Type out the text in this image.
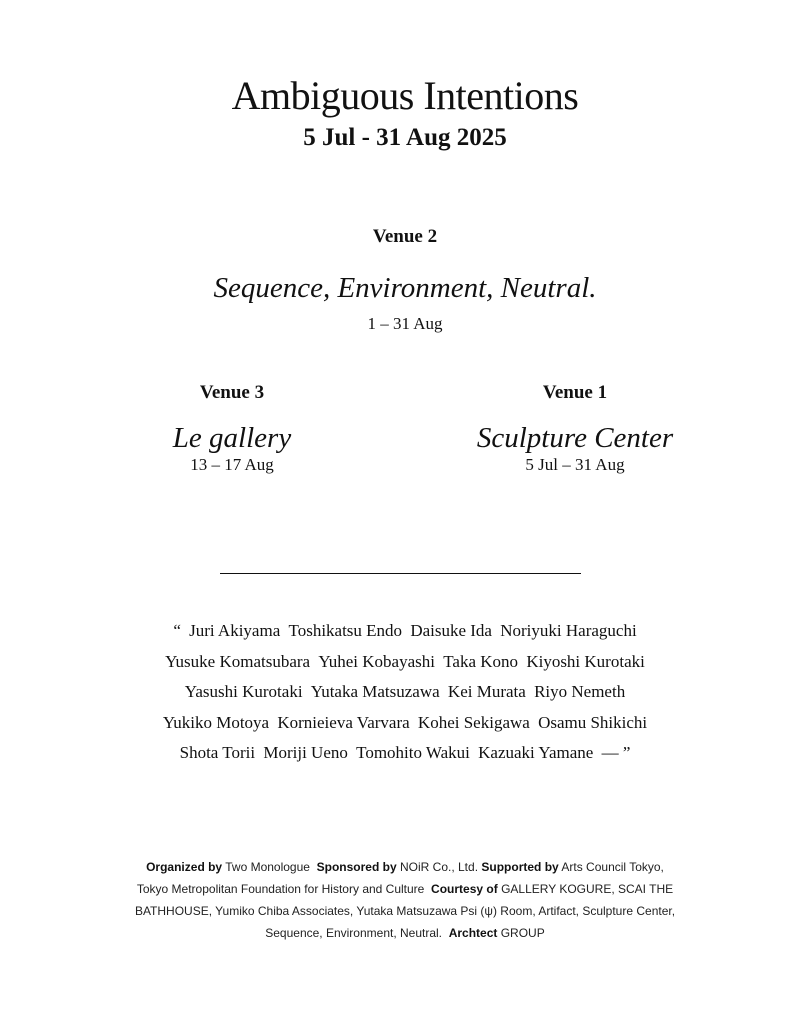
Ambiguous Intentions
5 Jul - 31 Aug 2025
Venue 2
Sequence, Environment, Neutral.
1 – 31 Aug
Venue 3
Le gallery
13 – 17 Aug
Venue 1
Sculpture Center
5 Jul – 31 Aug
“ Juri Akiyama Toshikatsu Endo Daisuke Ida Noriyuki Haraguchi Yusuke Komatsubara Yuhei Kobayashi Taka Kono Kiyoshi Kurotaki Yasushi Kurotaki Yutaka Matsuzawa Kei Murata Riyo Nemeth Yukiko Motoya Kornieieva Varvara Kohei Sekigawa Osamu Shikichi Shota Torii Moriji Ueno Tomohito Wakui Kazuaki Yamane — ”
Organized by Two Monologue Sponsored by NOiR Co., Ltd. Supported by Arts Council Tokyo, Tokyo Metropolitan Foundation for History and Culture Courtesy of GALLERY KOGURE, SCAI THE BATHHOUSE, Yumiko Chiba Associates, Yutaka Matsuzawa Psi (ψ) Room, Artifact, Sculpture Center, Sequence, Environment, Neutral. Archtect GROUP
